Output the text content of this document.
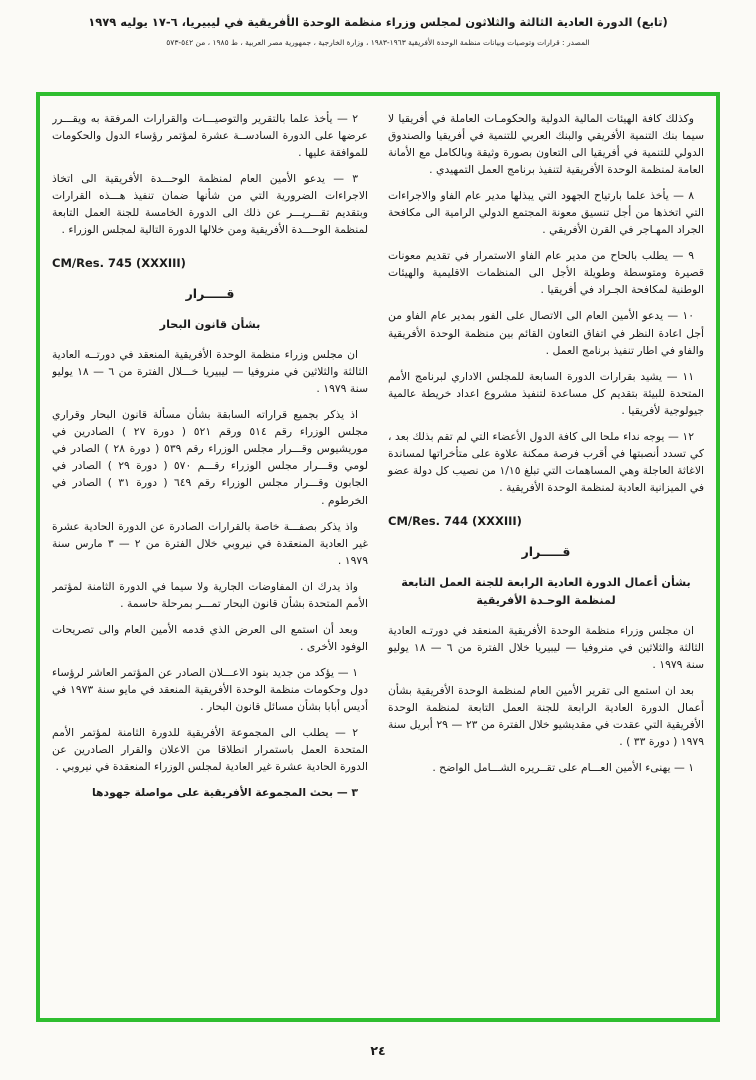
(تابع) الدورة العادية الثالثة والثلاثون لمجلس وزراء منظمة الوحدة الأفريقية في ليبيريا، ٦-١٧ يوليه ١٩٧٩
المصدر : قرارات وتوصيات وبيانات منظمة الوحدة الأفريقية ١٩٦٣-١٩٨٣ ، وزارة الخارجية ، جمهورية مصر العربية ، ط ١٩٨٥ ، من ٥٤٢-٥٧٣
وكذلك كافة الهيئات المالية الدولية والحكومـات العاملة في أفريقيا لا سيما بنك التنمية الأفريقي والبنك العربي للتنمية في أفريقيا والصندوق الدولي للتنمية في أفريقيا الى التعاون بصورة وثيقة وبالكامل مع الأمانة العامة لمنظمة الوحدة الأفريقية لتنفيذ برنامج العمل التمهيدي .
٨ — يأخذ علما بارتياح الجهود التي يبذلها مدير عام الفاو والاجراءات التي اتخذها من أجل تنسيق معونة المجتمع الدولي الرامية الى مكافحة الجراد المهـاجر في القرن الأفريقي .
٩ — يطلب بالحاح من مدير عام الفاو الاستمرار في تقديم معونات قصيرة ومتوسطة وطويلة الأجل الى المنظمات الاقليمية والهيئات الوطنية لمكافحة الجـراد في أفريقيا .
١٠ — يدعو الأمين العام الى الاتصال على الفور بمدير عام الفاو من أجل اعادة النظر في اتفاق التعاون القائم بين منظمة الوحدة الأفريقية والفاو في اطار تنفيذ برنامج العمل .
١١ — يشيد بقرارات الدورة السابعة للمجلس الاداري لبرنامج الأمم المتحدة للبيئة بتقديم كل مساعدة لتنفيذ مشروع اعداد خريطة عالمية جيولوجية لأفريقيا .
١٢ — يوجه نداء ملحا الى كافة الدول الأعضاء التي لم تقم بذلك بعد ، كي تسدد أنصبتها في أقرب فرصة ممكنة علاوة على متأخراتها لمساندة الاغاثة العاجلة وهي المساهمات التي تبلغ ١/١٥ من نصيب كل دولة عضو في الميزانية العادية لمنظمة الوحدة الأفريقية .
CM/Res. 744 (XXXIII)
قـــــرار
بشأن أعمال الدورة العادية الرابعة للجنة العمل التابعة لمنظمة الوحـدة الأفريقية
ان مجلس وزراء منظمة الوحدة الأفريقية المنعقد في دورتـه العادية الثالثة والثلاثين في منروفيا — ليبيريا خلال الفترة من ٦ — ١٨ يوليو سنة ١٩٧٩ .
بعد ان استمع الى تقرير الأمين العام لمنظمة الوحدة الأفريقية بشأن أعمال الدورة العادية الرابعة للجنة العمل التابعة لمنظمة الوحدة الأفريقية التي عقدت في مقديشيو خلال الفترة من ٢٣ — ٢٩ أبريل سنة ١٩٧٩ ( دورة ٣٣ ) .
١ — يهنىء الأمين العـــام على تقــريره الشـــامل الواضح .
٢ — يأخذ علما بالتقرير والتوصيـــات والقرارات المرفقة به ويقـــرر عرضها على الدورة السادســة عشرة لمؤتمر رؤساء الدول والحكومات للموافقة عليها .
٣ — يدعو الأمين العام لمنظمة الوحـــدة الأفريقية الى اتخاذ الاجراءات الضرورية التي من شأنها ضمان تنفيذ هـــذه القرارات وبتقديم تقـــريـــر عن ذلك الى الدورة الخامسة للجنة العمل التابعة لمنظمة الوحـــدة الأفريقية ومن خلالها الدورة التالية لمجلس الوزراء .
CM/Res. 745 (XXXIII)
قـــــرار
بشأن قانون البحار
ان مجلس وزراء منظمة الوحدة الأفريقية المنعقد في دورتــه العادية الثالثة والثلاثين في منروفيا — ليبيريا خـــلال الفترة من ٦ — ١٨ يوليو سنة ١٩٧٩ .
اذ يذكر بجميع قراراته السابقة بشأن مسألة قانون البحار وقراري مجلس الوزراء رقم ٥١٤ ورقم ٥٢١ ( دورة ٢٧ ) الصادرين في موريشيوس وقـــرار مجلس الوزراء رقم ٥٣٩ ( دورة ٢٨ ) الصادر في لومي وقـــرار مجلس الوزراء رقـــم ٥٧٠ ( دورة ٢٩ ) الصادر في الجابون وقـــرار مجلس الوزراء رقم ٦٤٩ ( دورة ٣١ ) الصادر في الخرطوم .
واذ يذكر بصفـــة خاصة بالقرارات الصادرة عن الدورة الحادية عشرة غير العادية المنعقدة في نيروبي خلال الفترة من ٢ — ٣ مارس سنة ١٩٧٩ .
واذ يدرك ان المفاوضات الجارية ولا سيما في الدورة الثامنة لمؤتمر الأمم المتحدة بشأن قانون البحار تمـــر بمرحلة حاسمة .
وبعد أن استمع الى العرض الذي قدمه الأمين العام والى تصريحات الوفود الأخرى .
١ — يؤكد من جديد بنود الاعـــلان الصادر عن المؤتمر العاشر لرؤساء دول وحكومات منظمة الوحدة الأفريقية المنعقد في مايو سنة ١٩٧٣ في أديس أبابا بشأن مسائل قانون البحار .
٢ — يطلب الى المجموعة الأفريقية للدورة الثامنة لمؤتمر الأمم المتحدة العمل باستمرار انطلاقا من الاعلان والقرار الصادرين عن الدورة الحادية عشرة غير العادية لمجلس الوزراء المنعقدة في نيروبي .
٣ — بحث المجموعة الأفريقية على مواصلة جهودها
٢٤
